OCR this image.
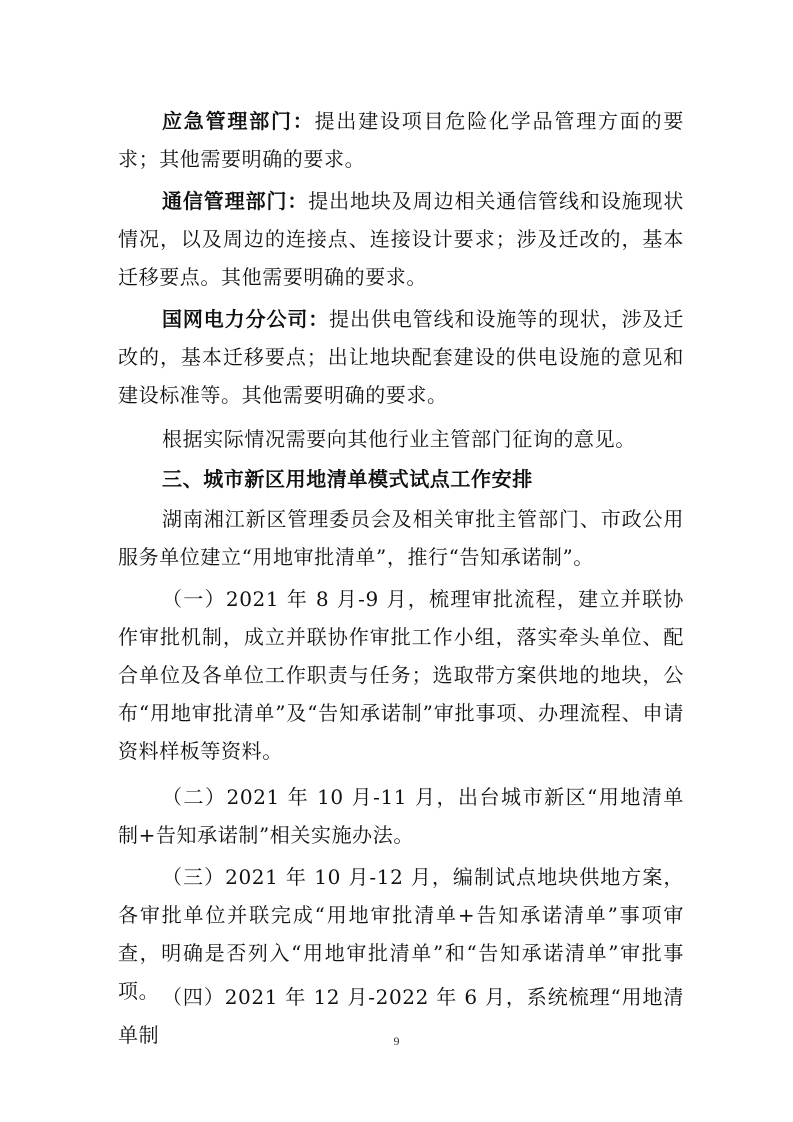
应急管理部门：提出建设项目危险化学品管理方面的要求；其他需要明确的要求。

通信管理部门：提出地块及周边相关通信管线和设施现状情况，以及周边的连接点、连接设计要求；涉及迁改的，基本迁移要点。其他需要明确的要求。

国网电力分公司：提出供电管线和设施等的现状，涉及迁改的，基本迁移要点；出让地块配套建设的供电设施的意见和建设标准等。其他需要明确的要求。

根据实际情况需要向其他行业主管部门征询的意见。

三、城市新区用地清单模式试点工作安排

湖南湘江新区管理委员会及相关审批主管部门、市政公用服务单位建立“用地审批清单”，推行“告知承诺制”。

（一）2021 年 8 月-9 月，梳理审批流程，建立并联协作审批机制，成立并联协作审批工作小组，落实牵头单位、配合单位及各单位工作职责与任务；选取带方案供地的地块，公布“用地审批清单”及“告知承诺制”审批事项、办理流程、申请资料样板等资料。

（二）2021 年 10 月-11 月，出台城市新区“用地清单制+告知承诺制”相关实施办法。

（三）2021 年 10 月-12 月，编制试点地块供地方案，各审批单位并联完成“用地审批清单+告知承诺清单”事项审查，明确是否列入“用地审批清单”和“告知承诺清单”审批事项。 （四）2021 年 12 月-2022 年 6 月，系统梳理“用地清单制	9
